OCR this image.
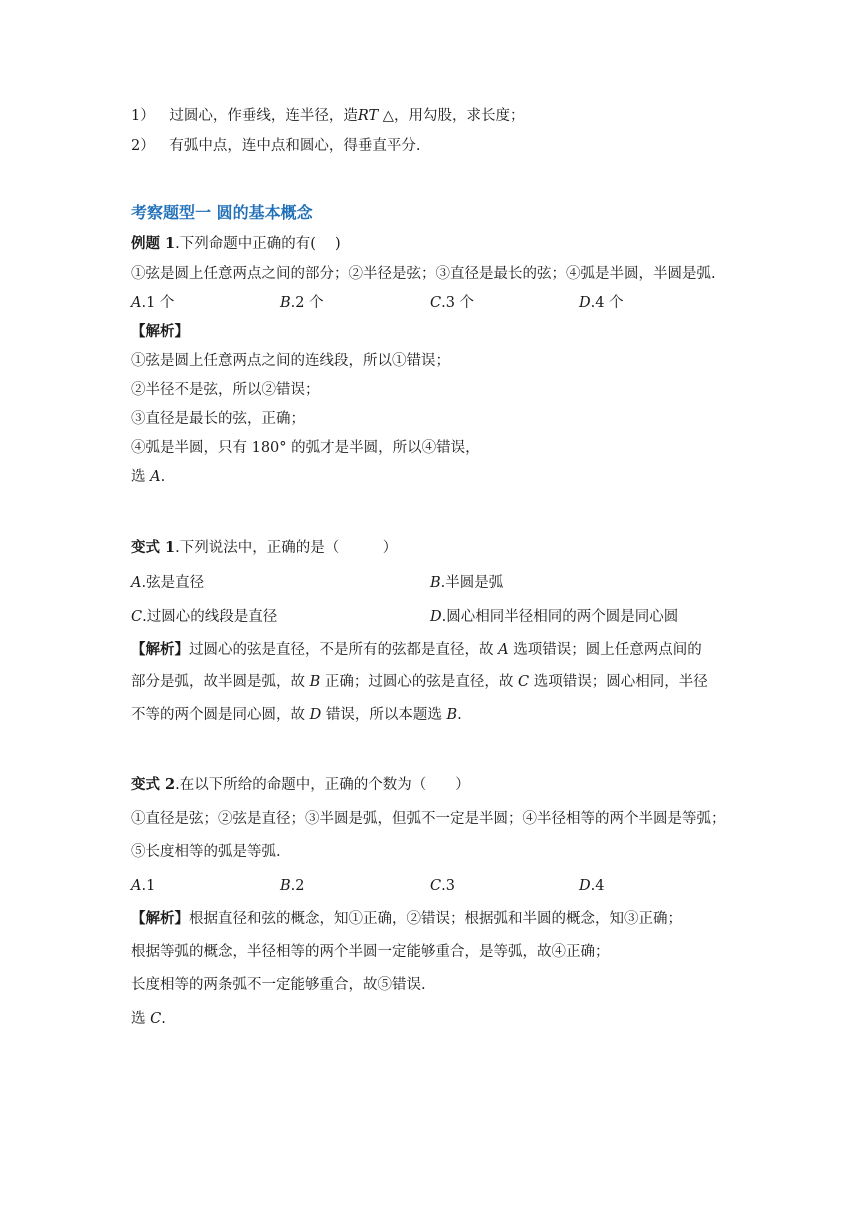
1） 过圆心，作垂线，连半径，造RT △，用勾股，求长度；
2） 有弧中点，连中点和圆心，得垂直平分.
考察题型一 圆的基本概念
例题 1.下列命题中正确的有(　 )
①弦是圆上任意两点之间的部分；②半径是弦；③直径是最长的弦；④弧是半圆，半圆是弧.
A.1 个	B.2 个	C.3 个	D.4 个
【解析】
①弦是圆上任意两点之间的连线段，所以①错误；
②半径不是弦，所以②错误；
③直径是最长的弦，正确；
④弧是半圆，只有 180° 的弧才是半圆，所以④错误，
选 A.
变式 1.下列说法中，正确的是（　　　）
A.弦是直径	B.半圆是弧
C.过圆心的线段是直径	D.圆心相同半径相同的两个圆是同心圆
【解析】过圆心的弦是直径，不是所有的弦都是直径，故 A 选项错误；圆上任意两点间的
部分是弧，故半圆是弧，故 B 正确；过圆心的弦是直径，故 C 选项错误；圆心相同，半径
不等的两个圆是同心圆，故 D 错误，所以本题选 B.
变式 2.在以下所给的命题中，正确的个数为（　　）
①直径是弦；②弦是直径；③半圆是弧，但弧不一定是半圆；④半径相等的两个半圆是等弧；
⑤长度相等的弧是等弧.
A.1	B.2	C.3	D.4
【解析】根据直径和弦的概念，知①正确，②错误；根据弧和半圆的概念，知③正确；
根据等弧的概念，半径相等的两个半圆一定能够重合，是等弧，故④正确；
长度相等的两条弧不一定能够重合，故⑤错误.
选 C.
